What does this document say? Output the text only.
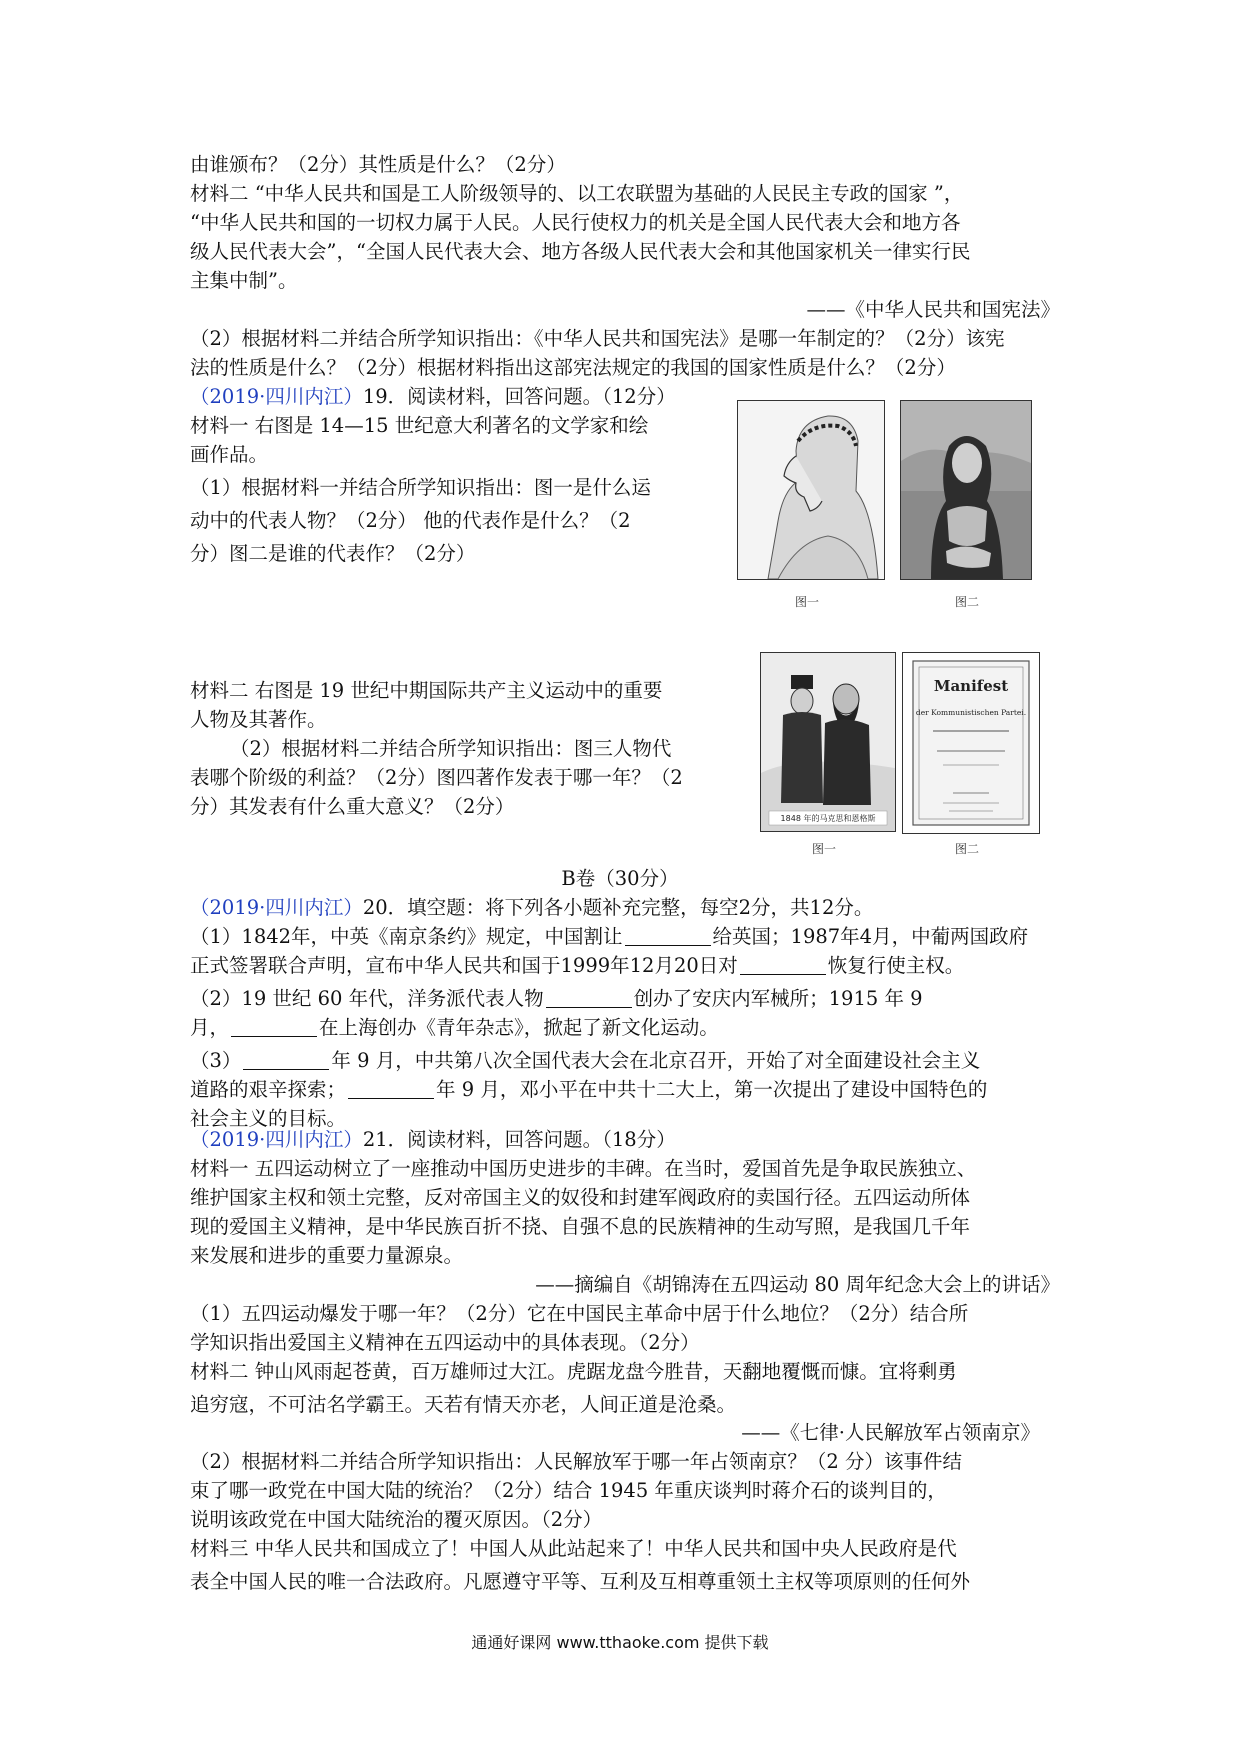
由谁颁布？（2分）其性质是什么？（2分）
材料二 “中华人民共和国是工人阶级领导的、以工农联盟为基础的人民民主专政的国家 ”，
“中华人民共和国的一切权力属于人民。人民行使权力的机关是全国人民代表大会和地方各
级人民代表大会”，“全国人民代表大会、地方各级人民代表大会和其他国家机关一律实行民
主集中制”。
——《中华人民共和国宪法》
（2）根据材料二并结合所学知识指出：《中华人民共和国宪法》是哪一年制定的？（2分）该宪
法的性质是什么？（2分）根据材料指出这部宪法规定的我国的国家性质是什么？（2分）
（2019·四川内江）19．阅读材料，回答问题。（12分）
材料一 右图是 14—15 世纪意大利著名的文学家和绘
画作品。
（1）根据材料一并结合所学知识指出：图一是什么运
动中的代表人物？（2分） 他的代表作是什么？（2
分）图二是谁的代表作？（2分）
图一	图二
材料二 右图是 19 世纪中期国际共产主义运动中的重要
人物及其著作。
（2）根据材料二并结合所学知识指出：图三人物代
表哪个阶级的利益？（2分）图四著作发表于哪一年？（2
分）其发表有什么重大意义？（2分）
1848 年的马克思和恩格斯
图一
Manifest
der Kommunistischen Partei.
图二
B卷（30分）
（2019·四川内江）20．填空题：将下列各小题补充完整，每空2分，共12分。
（1）1842年，中英《南京条约》规定，中国割让	给英国；1987年4月，中葡两国政府
正式签署联合声明，宣布中华人民共和国于1999年12月20日对	恢复行使主权。
（2）19 世纪 60 年代，洋务派代表人物	创办了安庆内军械所；1915 年 9
月，	在上海创办《青年杂志》，掀起了新文化运动。
（3）	年 9 月，中共第八次全国代表大会在北京召开，开始了对全面建设社会主义
道路的艰辛探索；	年 9 月，邓小平在中共十二大上，第一次提出了建设中国特色的
社会主义的目标。
（2019·四川内江）21．阅读材料，回答问题。（18分）
材料一 五四运动树立了一座推动中国历史进步的丰碑。在当时，爱国首先是争取民族独立、
维护国家主权和领土完整，反对帝国主义的奴役和封建军阀政府的卖国行径。五四运动所体
现的爱国主义精神，是中华民族百折不挠、自强不息的民族精神的生动写照，是我国几千年
来发展和进步的重要力量源泉。
——摘编自《胡锦涛在五四运动 80 周年纪念大会上的讲话》
（1）五四运动爆发于哪一年？（2分）它在中国民主革命中居于什么地位？（2分）结合所
学知识指出爱国主义精神在五四运动中的具体表现。（2分）
材料二 钟山风雨起苍黄，百万雄师过大江。虎踞龙盘今胜昔，天翻地覆慨而慷。宜将剩勇
追穷寇，不可沽名学霸王。天若有情天亦老，人间正道是沧桑。
——《七律·人民解放军占领南京》
（2）根据材料二并结合所学知识指出：人民解放军于哪一年占领南京？（2 分）该事件结
束了哪一政党在中国大陆的统治？（2分）结合 1945 年重庆谈判时蒋介石的谈判目的，
说明该政党在中国大陆统治的覆灭原因。（2分）
材料三 中华人民共和国成立了！中国人从此站起来了！中华人民共和国中央人民政府是代
表全中国人民的唯一合法政府。凡愿遵守平等、互利及互相尊重领土主权等项原则的任何外
通通好课网 www.tthaoke.com 提供下载
